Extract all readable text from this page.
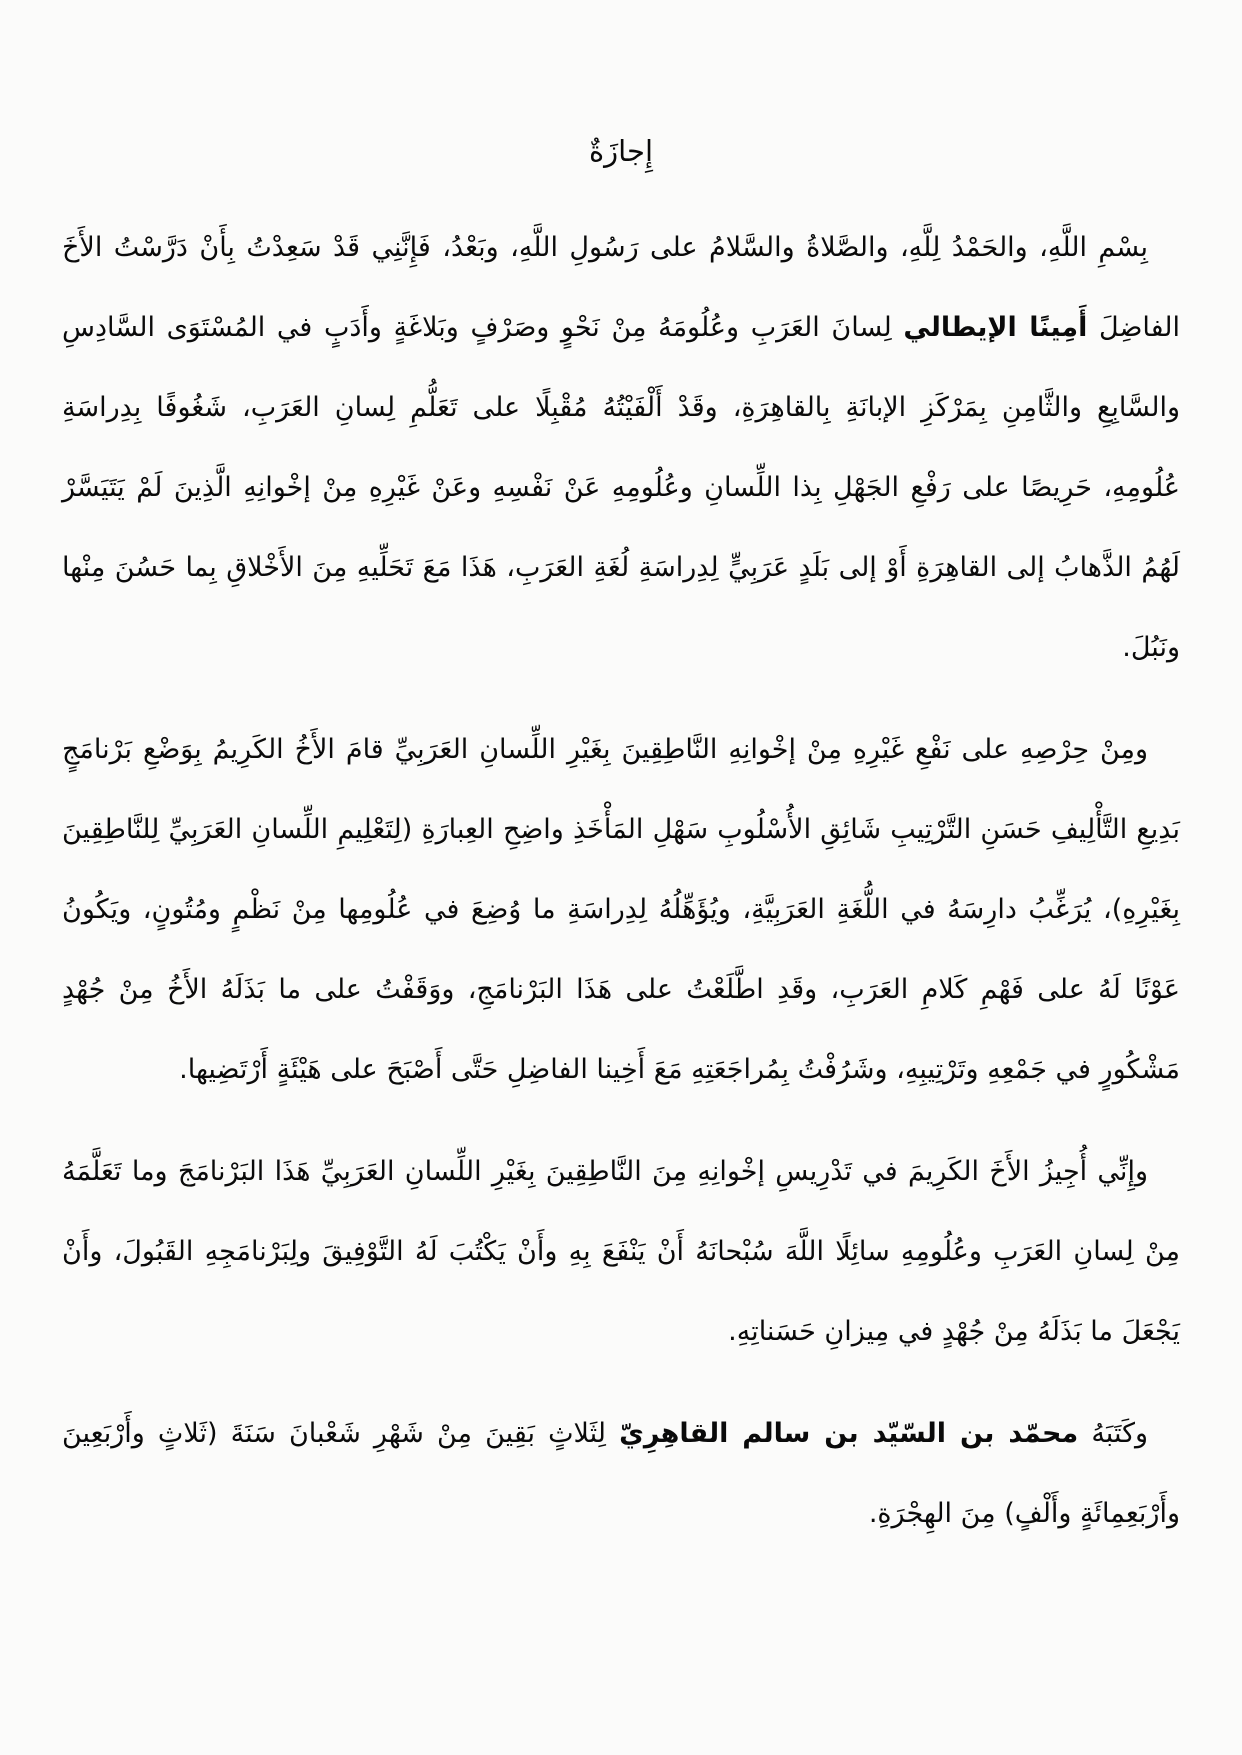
إِجازَةٌ

بِسْمِ اللَّهِ، والحَمْدُ لِلَّهِ، والصَّلاةُ والسَّلامُ على رَسُولِ اللَّهِ، وبَعْدُ، فَإِنَّنِي قَدْ سَعِدْتُ بِأَنْ دَرَّسْتُ الأَخَ الفاضِلَ أَمِينًا الإيطالي لِسانَ العَرَبِ وعُلُومَهُ مِنْ نَحْوٍ وصَرْفٍ وبَلاغَةٍ وأَدَبٍ في المُسْتَوَى السَّادِسِ والسَّابِعِ والثَّامِنِ بِمَرْكَزِ الإبانَةِ بِالقاهِرَةِ، وقَدْ أَلْفَيْتُهُ مُقْبِلًا على تَعَلُّمِ لِسانِ العَرَبِ، شَغُوفًا بِدِراسَةِ عُلُومِهِ، حَرِيصًا على رَفْعِ الجَهْلِ بِذا اللِّسانِ وعُلُومِهِ عَنْ نَفْسِهِ وعَنْ غَيْرِهِ مِنْ إخْوانِهِ الَّذِينَ لَمْ يَتَيَسَّرْ لَهُمُ الذَّهابُ إلى القاهِرَةِ أَوْ إلى بَلَدٍ عَرَبِيٍّ لِدِراسَةِ لُغَةِ العَرَبِ، هَذَا مَعَ تَحَلِّيهِ مِنَ الأَخْلاقِ بِما حَسُنَ مِنْها ونَبُلَ.

ومِنْ حِرْصِهِ على نَفْعِ غَيْرِهِ مِنْ إخْوانِهِ النَّاطِقِينَ بِغَيْرِ اللِّسانِ العَرَبِيِّ قامَ الأَخُ الكَرِيمُ بِوَضْعِ بَرْنامَجٍ بَدِيعِ التَّأْلِيفِ حَسَنِ التَّرْتِيبِ شَائِقِ الأُسْلُوبِ سَهْلِ المَأْخَذِ واضِحِ العِبارَةِ (لِتَعْلِيمِ اللِّسانِ العَرَبِيِّ لِلنَّاطِقِينَ بِغَيْرِهِ)، يُرَغِّبُ دارِسَهُ في اللُّغَةِ العَرَبِيَّةِ، ويُؤَهِّلُهُ لِدِراسَةِ ما وُضِعَ في عُلُومِها مِنْ نَظْمٍ ومُتُونٍ، ويَكُونُ عَوْنًا لَهُ على فَهْمِ كَلامِ العَرَبِ، وقَدِ اطَّلَعْتُ على هَذَا البَرْنامَجِ، ووَقَفْتُ على ما بَذَلَهُ الأَخُ مِنْ جُهْدٍ مَشْكُورٍ في جَمْعِهِ وتَرْتِيبِهِ، وشَرُفْتُ بِمُراجَعَتِهِ مَعَ أَخِينا الفاضِلِ حَتَّى أَصْبَحَ على هَيْئَةٍ أَرْتَضِيها.

وإِنِّي أُجِيزُ الأَخَ الكَرِيمَ في تَدْرِيسِ إخْوانِهِ مِنَ النَّاطِقِينَ بِغَيْرِ اللِّسانِ العَرَبِيِّ هَذَا البَرْنامَجَ وما تَعَلَّمَهُ مِنْ لِسانِ العَرَبِ وعُلُومِهِ سائِلًا اللَّهَ سُبْحانَهُ أَنْ يَنْفَعَ بِهِ وأَنْ يَكْتُبَ لَهُ التَّوْفِيقَ ولِبَرْنامَجِهِ القَبُولَ، وأَنْ يَجْعَلَ ما بَذَلَهُ مِنْ جُهْدٍ في مِيزانِ حَسَناتِهِ.

وكَتَبَهُ محمّد بن السّيّد بن سالم القاهِرِيّ لِثَلاثٍ بَقِينَ مِنْ شَهْرِ شَعْبانَ سَنَةَ (ثَلاثٍ وأَرْبَعِينَ وأَرْبَعِمِائَةٍ وأَلْفٍ) مِنَ الهِجْرَةِ.
